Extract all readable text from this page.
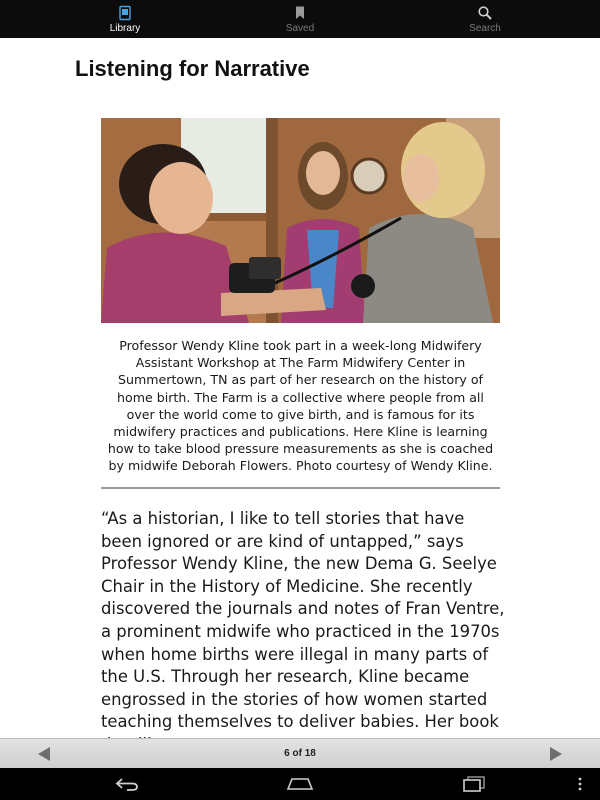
Library	Saved	Search
Listening for Narrative
Professor Wendy Kline took part in a week-long Midwifery Assistant Workshop at The Farm Midwifery Center in Summertown, TN as part of her research on the history of home birth. The Farm is a collective where people from all over the world come to give birth, and is famous for its midwifery practices and publications. Here Kline is learning how to take blood pressure measurements as she is coached by midwife Deborah Flowers. Photo courtesy of Wendy Kline.
“As a historian, I like to tell stories that have been ignored or are kind of untapped,” says Professor Wendy Kline, the new Dema G. Seelye Chair in the History of Medicine. She recently discovered the journals and notes of Fran Ventre, a prominent midwife who practiced in the 1970s when home births were illegal in many parts of the U.S. Through her research, Kline became engrossed in the stories of how women started teaching themselves to deliver babies. Her book
6 of 18
